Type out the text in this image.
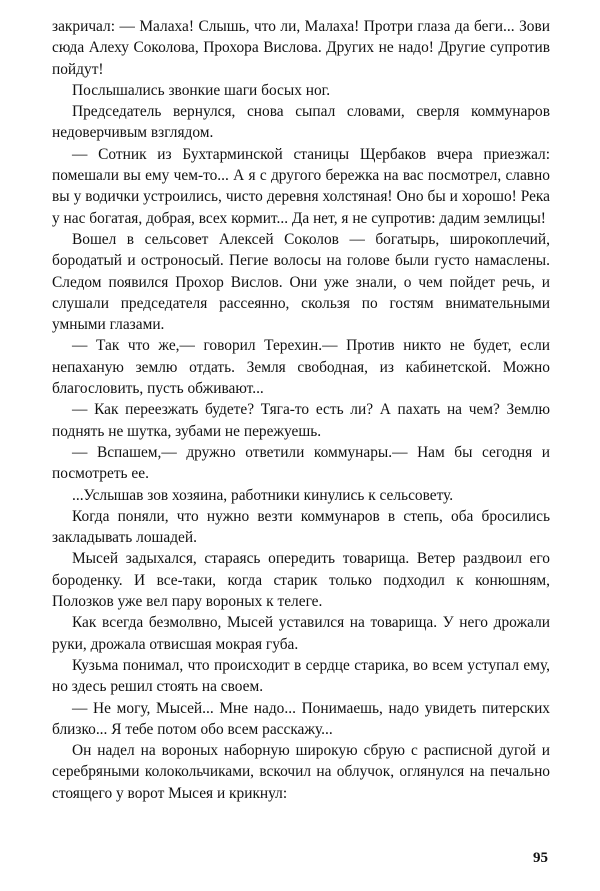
закричал: — Малаха! Слышь, что ли, Малаха! Протри глаза да беги... Зови сюда Алеху Соколова, Прохора Вислова. Других не надо! Другие супротив пойдут!

Послышались звонкие шаги босых ног.

Председатель вернулся, снова сыпал словами, сверля коммунаров недоверчивым взглядом.

— Сотник из Бухтарминской станицы Щербаков вчера приезжал: помешали вы ему чем-то... А я с другого бережка на вас посмотрел, славно вы у водички устроились, чисто деревня холстяная! Оно бы и хорошо! Река у нас богатая, добрая, всех кормит... Да нет, я не супротив: дадим землицы!

Вошел в сельсовет Алексей Соколов — богатырь, широкоплечий, бородатый и остроносый. Пегие волосы на голове были густо намаслены. Следом появился Прохор Вислов. Они уже знали, о чем пойдет речь, и слушали председателя рассеянно, скользя по гостям внимательными умными глазами.

— Так что же,— говорил Терехин.— Против никто не будет, если непаханую землю отдать. Земля свободная, из кабинетской. Можно благословить, пусть обживают...

— Как переезжать будете? Тяга-то есть ли? А пахать на чем? Землю поднять не шутка, зубами не пережуешь.

— Вспашем,— дружно ответили коммунары.— Нам бы сегодня и посмотреть ее.

...Услышав зов хозяина, работники кинулись к сельсовету.

Когда поняли, что нужно везти коммунаров в степь, оба бросились закладывать лошадей.

Мысей задыхался, стараясь опередить товарища. Ветер раздвоил его бороденку. И все-таки, когда старик только подходил к конюшням, Полозков уже вел пару вороных к телеге.

Как всегда безмолвно, Мысей уставился на товарища. У него дрожали руки, дрожала отвисшая мокрая губа.

Кузьма понимал, что происходит в сердце старика, во всем уступал ему, но здесь решил стоять на своем.

— Не могу, Мысей... Мне надо... Понимаешь, надо увидеть питерских близко... Я тебе потом обо всем расскажу...

Он надел на вороных наборную широкую сбрую с расписной дугой и серебряными колокольчиками, вскочил на облучок, оглянулся на печально стоящего у ворот Мысея и крикнул:

95
